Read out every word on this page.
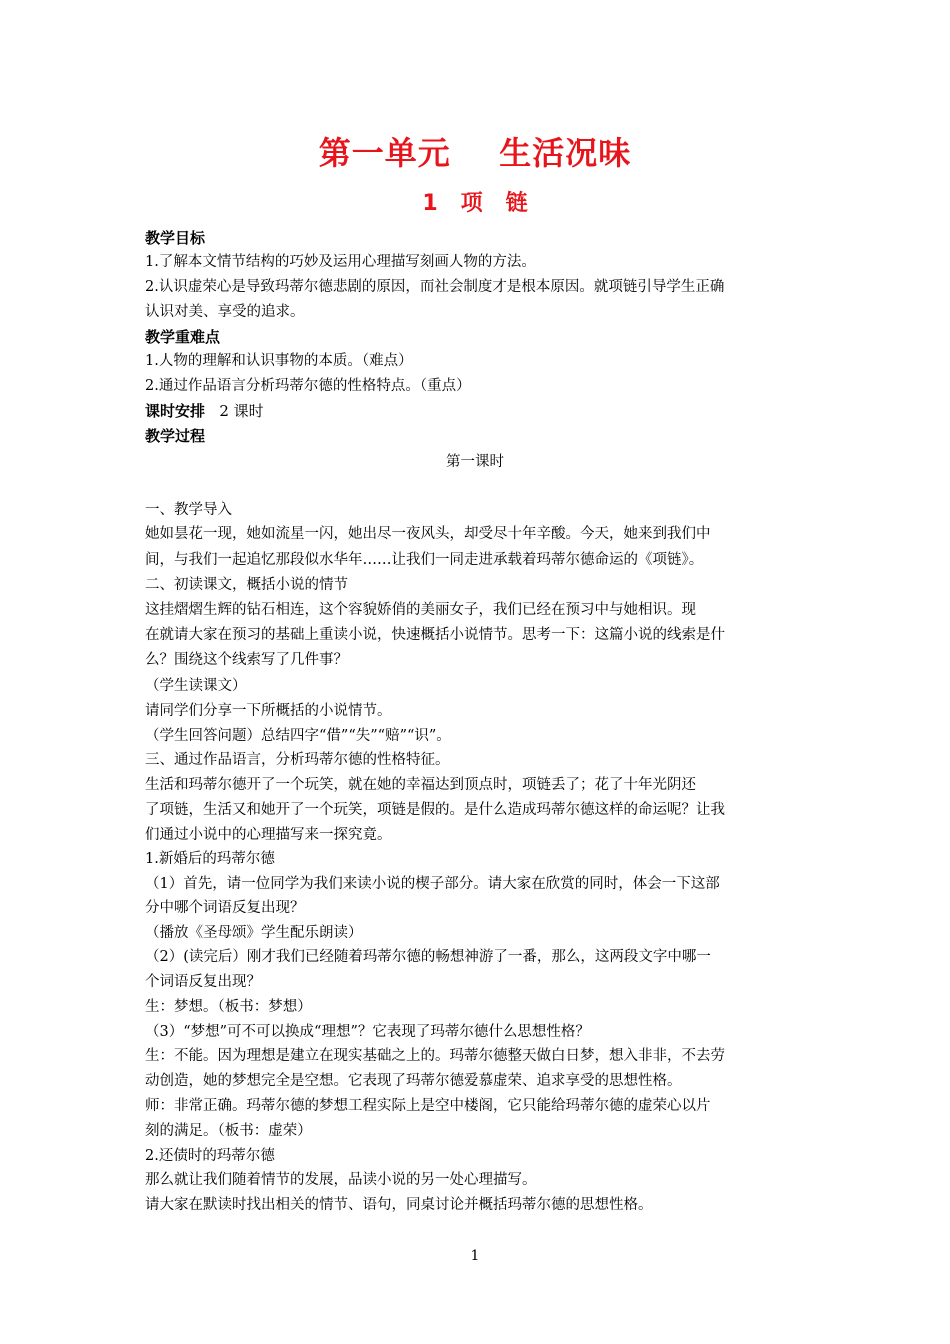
第一单元    生活况味
1   项   链
教学目标
1.了解本文情节结构的巧妙及运用心理描写刻画人物的方法。
2.认识虚荣心是导致玛蒂尔德悲剧的原因，而社会制度才是根本原因。就项链引导学生正确
认识对美、享受的追求。
教学重难点
1.人物的理解和认识事物的本质。（难点）
2.通过作品语言分析玛蒂尔德的性格特点。（重点）
课时安排   2 课时
教学过程
第一课时
一、教学导入
她如昙花一现，她如流星一闪，她出尽一夜风头，却受尽十年辛酸。今天，她来到我们中
间，与我们一起追忆那段似水华年……让我们一同走进承载着玛蒂尔德命运的《项链》。
二、初读课文，概括小说的情节
这挂熠熠生辉的钻石相连，这个容貌娇俏的美丽女子，我们已经在预习中与她相识。现
在就请大家在预习的基础上重读小说，快速概括小说情节。思考一下：这篇小说的线索是什
么？围绕这个线索写了几件事？
（学生读课文）
请同学们分享一下所概括的小说情节。
（学生回答问题）总结四字“借”“失”“赔”“识”。
三、通过作品语言，分析玛蒂尔德的性格特征。
生活和玛蒂尔德开了一个玩笑，就在她的幸福达到顶点时，项链丢了；花了十年光阴还
了项链，生活又和她开了一个玩笑，项链是假的。是什么造成玛蒂尔德这样的命运呢？让我
们通过小说中的心理描写来一探究竟。
1.新婚后的玛蒂尔德
（1）首先，请一位同学为我们来读小说的楔子部分。请大家在欣赏的同时，体会一下这部
分中哪个词语反复出现？
（播放《圣母颂》学生配乐朗读）
（2）(读完后）刚才我们已经随着玛蒂尔德的畅想神游了一番，那么，这两段文字中哪一
个词语反复出现？
生：梦想。（板书：梦想）
（3）“梦想”可不可以换成“理想”？它表现了玛蒂尔德什么思想性格？
生：不能。因为理想是建立在现实基础之上的。玛蒂尔德整天做白日梦，想入非非，不去劳
动创造，她的梦想完全是空想。它表现了玛蒂尔德爱慕虚荣、追求享受的思想性格。
师：非常正确。玛蒂尔德的梦想工程实际上是空中楼阁，它只能给玛蒂尔德的虚荣心以片
刻的满足。（板书：虚荣）
2.还债时的玛蒂尔德
那么就让我们随着情节的发展，品读小说的另一处心理描写。
请大家在默读时找出相关的情节、语句，同桌讨论并概括玛蒂尔德的思想性格。
1
